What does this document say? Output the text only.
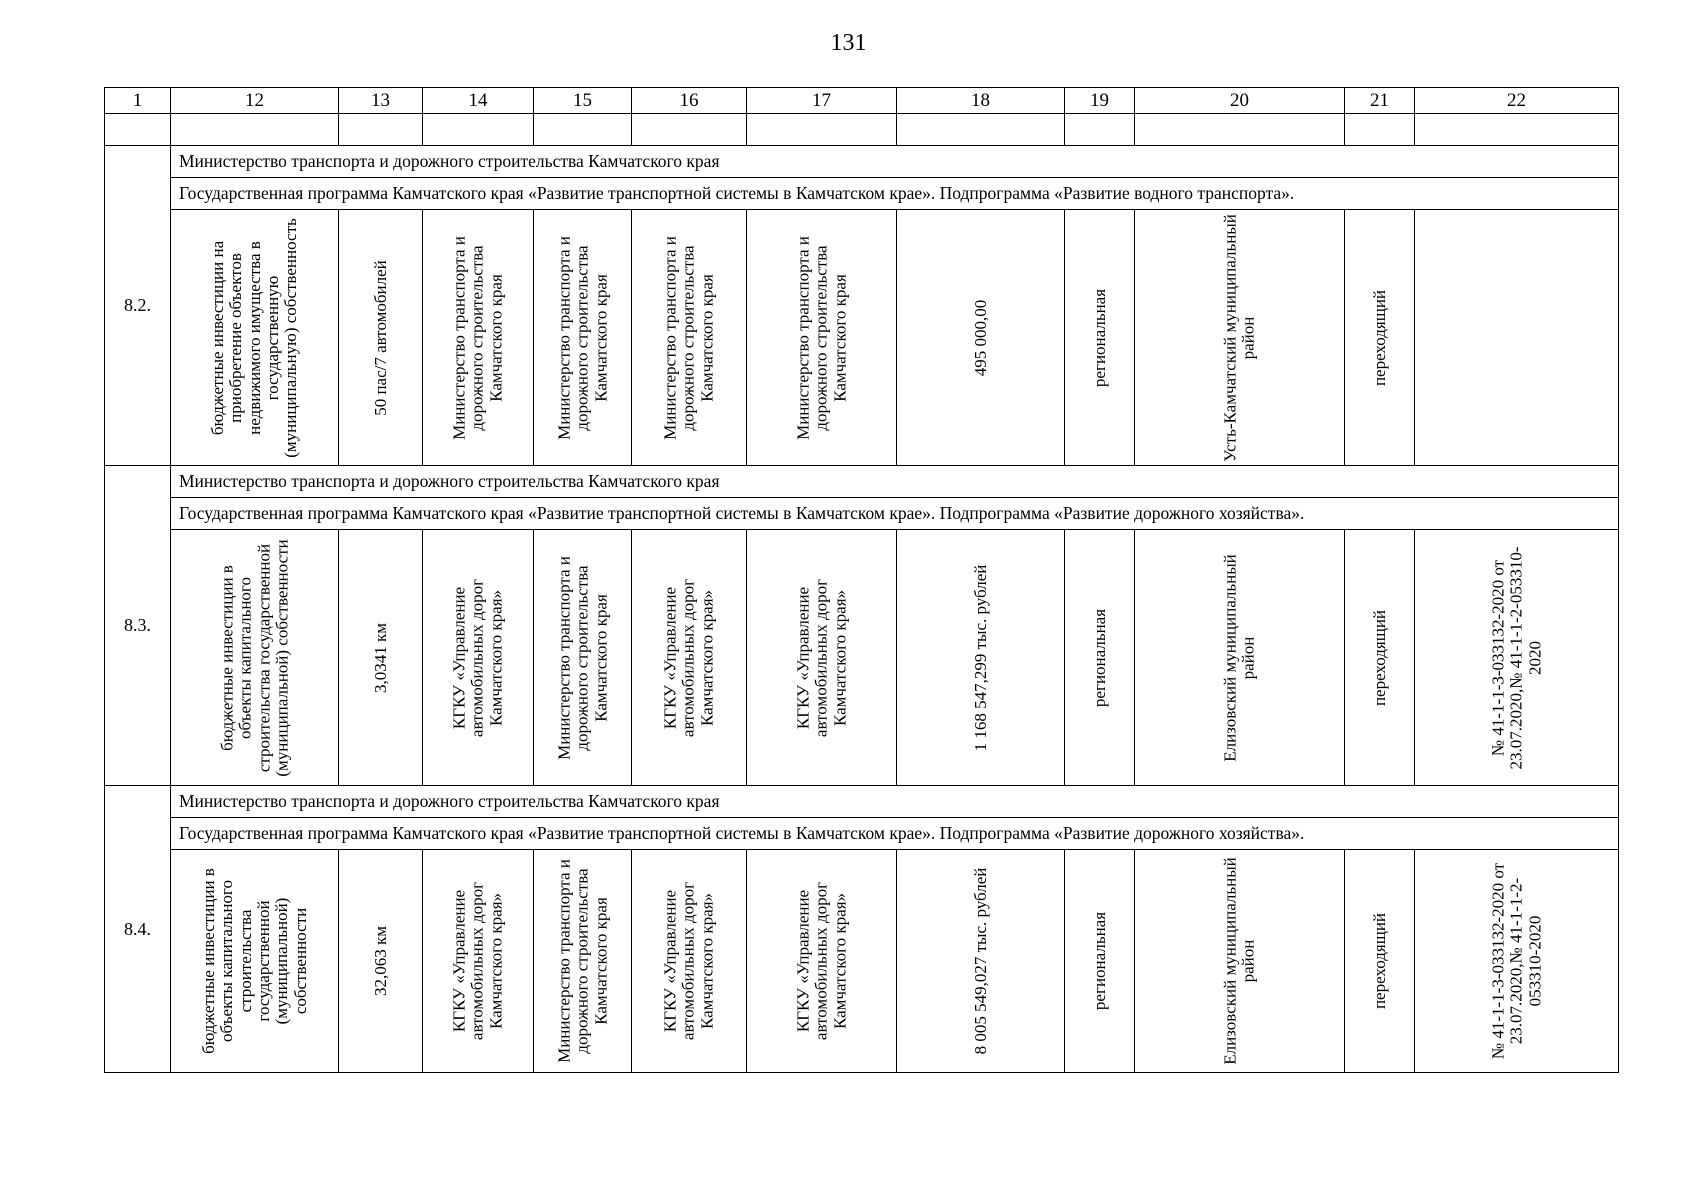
131
1	12	13	14	15	16	17	18	19	20	21	22

8.2.	Министерство транспорта и дорожного строительства Камчатского края										
	Государственная программа Камчатского края «Развитие транспортной системы в Камчатском крае». Подпрограмма «Развитие водного транспорта».										

	бюджетные инвестиции на приобретение объектов недвижимого имущества в государственную (муниципальную) собственность	50 пас/7 автомобилей	Министерство транспорта и дорожного строительства Камчатского края	Министерство транспорта и дорожного строительства Камчатского края	Министерство транспорта и дорожного строительства Камчатского края	Министерство транспорта и дорожного строительства Камчатского края	495 000,00	региональная	Усть-Камчатский муниципальный район	переходящий	

8.3.	Министерство транспорта и дорожного строительства Камчатского края										
	Государственная программа Камчатского края «Развитие транспортной системы в Камчатском крае». Подпрограмма «Развитие дорожного хозяйства».										

	бюджетные инвестиции в объекты капитального строительства государственной (муниципальной) собственности	3,0341 км	КГКУ «Управление автомобильных дорог Камчатского края»	Министерство транспорта и дорожного строительства Камчатского края	КГКУ «Управление автомобильных дорог Камчатского края»	КГКУ «Управление автомобильных дорог Камчатского края»	1 168 547,299 тыс. рублей	региональная	Елизовский муниципальный район	переходящий	№ 41-1-1-3-033132-2020 от 23.07.2020,№ 41-1-1-2-053310-2020

8.4.	Министерство транспорта и дорожного строительства Камчатского края										
	Государственная программа Камчатского края «Развитие транспортной системы в Камчатском крае». Подпрограмма «Развитие дорожного хозяйства».										

	бюджетные инвестиции в объекты капитального строительства государственной (муниципальной) собственности	32,063 км	КГКУ «Управление автомобильных дорог Камчатского края»	Министерство транспорта и дорожного строительства Камчатского края	КГКУ «Управление автомобильных дорог Камчатского края»	КГКУ «Управление автомобильных дорог Камчатского края»	8 005 549,027 тыс. рублей	региональная	Елизовский муниципальный район	переходящий	№ 41-1-1-3-033132-2020 от 23.07.2020,№ 41-1-1-2-053310-2020
